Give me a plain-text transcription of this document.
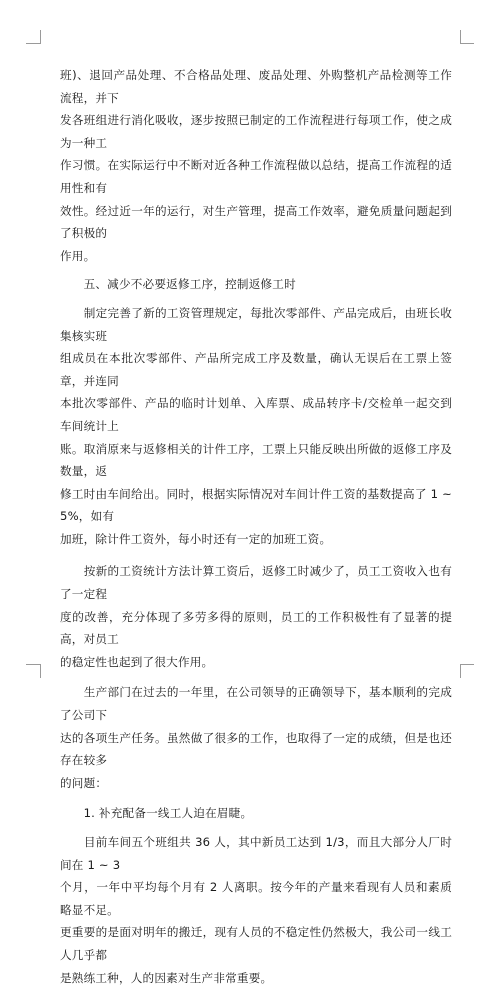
班)、退回产品处理、不合格品处理、废品处理、外购整机产品检测等工作流程，并下
发各班组进行消化吸收，逐步按照已制定的工作流程进行每项工作，使之成为一种工
作习惯。在实际运行中不断对近各种工作流程做以总结，提高工作流程的适用性和有
效性。经过近一年的运行，对生产管理，提高工作效率，避免质量问题起到了积极的
作用。
　　五、减少不必要返修工序，控制返修工时
　　制定完善了新的工资管理规定，每批次零部件、产品完成后，由班长收集核实班
组成员在本批次零部件、产品所完成工序及数量，确认无误后在工票上签章，并连同
本批次零部件、产品的临时计划单、入库票、成品转序卡/交检单一起交到车间统计上
账。取消原来与返修相关的计件工序，工票上只能反映出所做的返修工序及数量，返
修工时由车间给出。同时，根据实际情况对车间计件工资的基数提高了 1 ~ 5%，如有
加班，除计件工资外，每小时还有一定的加班工资。
　　按新的工资统计方法计算工资后，返修工时减少了，员工工资收入也有了一定程
度的改善，充分体现了多劳多得的原则，员工的工作积极性有了显著的提高，对员工
的稳定性也起到了很大作用。
　　生产部门在过去的一年里，在公司领导的正确领导下，基本顺利的完成了公司下
达的各项生产任务。虽然做了很多的工作，也取得了一定的成绩，但是也还存在较多
的问题：
　　1. 补充配备一线工人迫在眉睫。
　　目前车间五个班组共 36 人，其中新员工达到 1/3，而且大部分人厂时间在 1 ~ 3
个月，一年中平均每个月有 2 人离职。按今年的产量来看现有人员和素质略显不足。
更重要的是面对明年的搬迁，现有人员的不稳定性仍然极大，我公司一线工人几乎都
是熟练工种，人的因素对生产非常重要。
